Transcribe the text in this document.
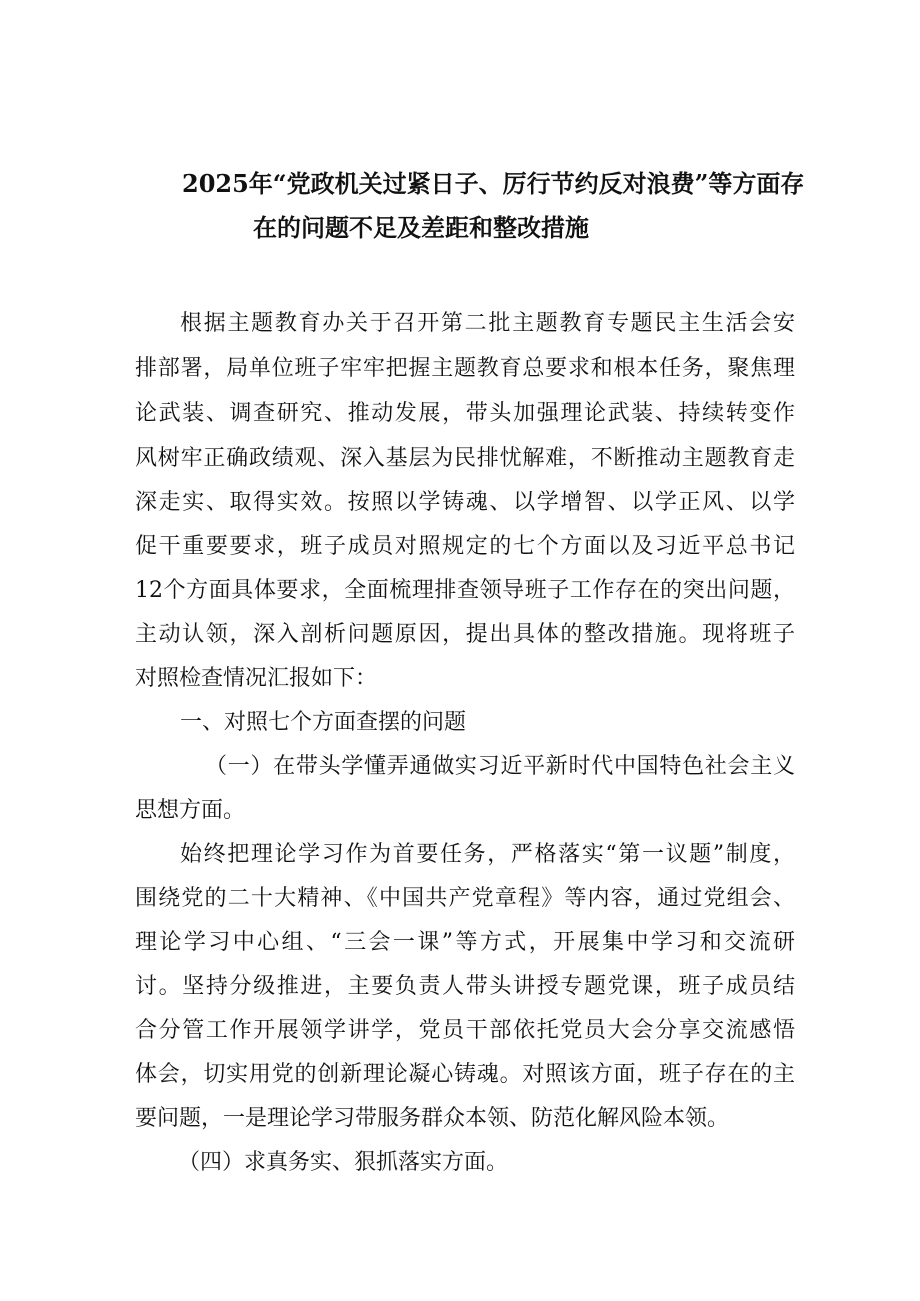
2025年“党政机关过紧日子、厉行节约反对浪费”等方面存
在的问题不足及差距和整改措施
根据主题教育办关于召开第二批主题教育专题民主生活会安
排部署，局单位班子牢牢把握主题教育总要求和根本任务，聚焦理
论武装、调查研究、推动发展，带头加强理论武装、持续转变作
风树牢正确政绩观、深入基层为民排忧解难，不断推动主题教育走
深走实、取得实效。按照以学铸魂、以学增智、以学正风、以学
促干重要要求，班子成员对照规定的七个方面以及习近平总书记
12个方面具体要求，全面梳理排查领导班子工作存在的突出问题，
主动认领，深入剖析问题原因，提出具体的整改措施。现将班子
对照检查情况汇报如下：
一、对照七个方面查摆的问题
（一）在带头学懂弄通做实习近平新时代中国特色社会主义
思想方面。
始终把理论学习作为首要任务，严格落实“第一议题”制度，
围绕党的二十大精神、《中国共产党章程》等内容，通过党组会、
理论学习中心组、“三会一课”等方式，开展集中学习和交流研
讨。坚持分级推进，主要负责人带头讲授专题党课，班子成员结
合分管工作开展领学讲学，党员干部依托党员大会分享交流感悟
体会，切实用党的创新理论凝心铸魂。对照该方面，班子存在的主
要问题，一是理论学习带服务群众本领、防范化解风险本领。
（四）求真务实、狠抓落实方面。
